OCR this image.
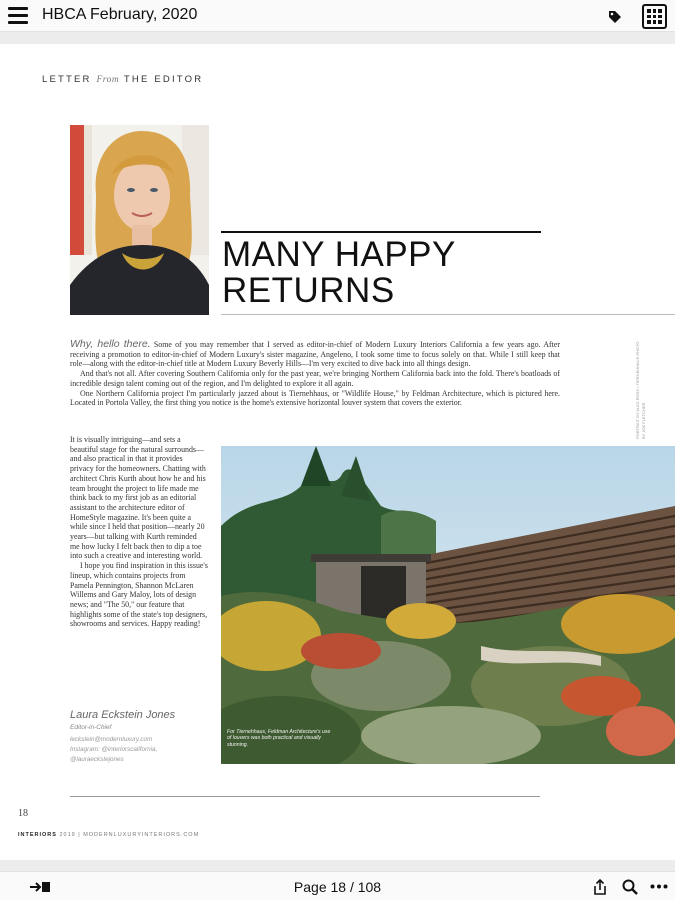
HBCA February, 2020
LETTER From THE EDITOR
MANY HAPPY
RETURNS
PORTRAIT BY ALEX ROSS • TIERNEHHAUS PHOTO BY JOE FLETCHER

Why, hello there. Some of you may remember that I served as editor-in-chief of Modern Luxury Interiors California a few years ago. After receiving a promotion to editor-in-chief of Modern Luxury's sister magazine, Angeleno, I took some time to focus solely on that. While I still keep that role—along with the editor-in-chief title at Modern Luxury Beverly Hills—I'm very excited to dive back into all things design.

And that's not all. After covering Southern California only for the past year, we're bringing Northern California back into the fold. There's boatloads of incredible design talent coming out of the region, and I'm delighted to explore it all again.

One Northern California project I'm particularly jazzed about is Tiernehhaus, or "Wildlife House," by Feldman Architecture, which is pictured here. Located in Portola Valley, the first thing you notice is the home's extensive horizontal louver system that covers the exterior.

It is visually intriguing—and sets a beautiful stage for the natural surrounds—and also practical in that it provides privacy for the homeowners. Chatting with architect Chris Kurth about how he and his team brought the project to life made me think back to my first job as an editorial assistant to the architecture editor of HomeStyle magazine. It's been quite a while since I held that position—nearly 20 years—but talking with Kurth reminded me how lucky I felt back then to dip a toe into such a creative and interesting world.

I hope you find inspiration in this issue's lineup, which contains projects from Pamela Pennington, Shannon McLaren Willems and Gary Maloy, lots of design news; and "The 50," our feature that highlights some of the state's top designers, showrooms and services. Happy reading!

For Tiernehhaus, Feldman Architecture's use of louvers was both practical and visually stunning.
Laura Eckstein Jones
Editor-in-Chief
leckstein@modernluxury.com
Instagram: @interiorscalifornia,
@lauraeckstejones
18
INTERIORS 2019 | MODERNLUXURYINTERIORS.COM
Page 18 / 108
